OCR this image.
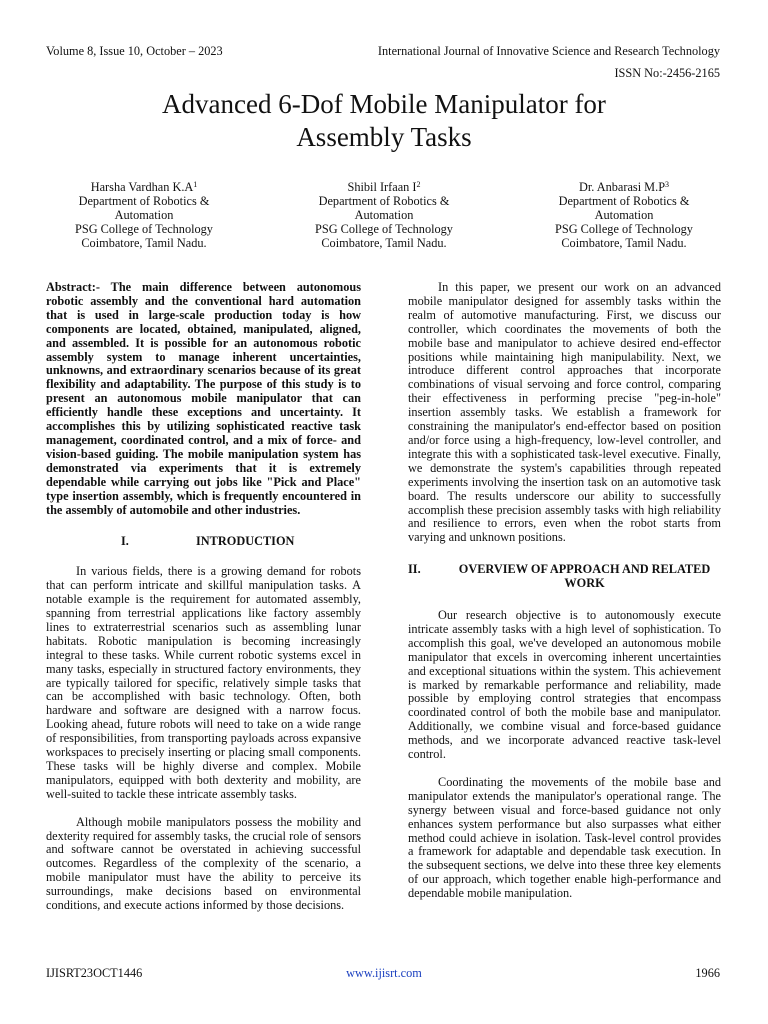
Volume 8, Issue 10, October – 2023	International Journal of Innovative Science and Research Technology
ISSN No:-2456-2165
Advanced 6-Dof Mobile Manipulator for
Assembly Tasks
Harsha Vardhan $K.A^1$
Department of Robotics &
Automation
PSG College of Technology
Coimbatore, Tamil Nadu.
Shibil Irfaan $I^2$
Department of Robotics &
Automation
PSG College of Technology
Coimbatore, Tamil Nadu.
Dr. Anbarasi $M.P^3$
Department of Robotics &
Automation
PSG College of Technology
Coimbatore, Tamil Nadu.

Abstract:- The main difference between autonomous robotic assembly and the conventional hard automation that is used in large-scale production today is how components are located, obtained, manipulated, aligned, and assembled. It is possible for an autonomous robotic assembly system to manage inherent uncertainties, unknowns, and extraordinary scenarios because of its great flexibility and adaptability. The purpose of this study is to present an autonomous mobile manipulator that can efficiently handle these exceptions and uncertainty. It accomplishes this by utilizing sophisticated reactive task management, coordinated control, and a mix of force- and vision-based guiding. The mobile manipulation system has demonstrated via experiments that it is extremely dependable while carrying out jobs like "Pick and Place" type insertion assembly, which is frequently encountered in the assembly of automobile and other industries.

I.	INTRODUCTION

In various fields, there is a growing demand for robots that can perform intricate and skillful manipulation tasks. A notable example is the requirement for automated assembly, spanning from terrestrial applications like factory assembly lines to extraterrestrial scenarios such as assembling lunar habitats. Robotic manipulation is becoming increasingly integral to these tasks. While current robotic systems excel in many tasks, especially in structured factory environments, they are typically tailored for specific, relatively simple tasks that can be accomplished with basic technology. Often, both hardware and software are designed with a narrow focus. Looking ahead, future robots will need to take on a wide range of responsibilities, from transporting payloads across expansive workspaces to precisely inserting or placing small components. These tasks will be highly diverse and complex. Mobile manipulators, equipped with both dexterity and mobility, are well-suited to tackle these intricate assembly tasks.

Although mobile manipulators possess the mobility and dexterity required for assembly tasks, the crucial role of sensors and software cannot be overstated in achieving successful outcomes. Regardless of the complexity of the scenario, a mobile manipulator must have the ability to perceive its surroundings, make decisions based on environmental conditions, and execute actions informed by those decisions.

In this paper, we present our work on an advanced mobile manipulator designed for assembly tasks within the realm of automotive manufacturing. First, we discuss our controller, which coordinates the movements of both the mobile base and manipulator to achieve desired end-effector positions while maintaining high manipulability. Next, we introduce different control approaches that incorporate combinations of visual servoing and force control, comparing their effectiveness in performing precise "peg-in-hole" insertion assembly tasks. We establish a framework for constraining the manipulator's end-effector based on position and/or force using a high-frequency, low-level controller, and integrate this with a sophisticated task-level executive. Finally, we demonstrate the system's capabilities through repeated experiments involving the insertion task on an automotive task board. The results underscore our ability to successfully accomplish these precision assembly tasks with high reliability and resilience to errors, even when the robot starts from varying and unknown positions.

II.	OVERVIEW OF APPROACH AND RELATED WORK

Our research objective is to autonomously execute intricate assembly tasks with a high level of sophistication. To accomplish this goal, we've developed an autonomous mobile manipulator that excels in overcoming inherent uncertainties and exceptional situations within the system. This achievement is marked by remarkable performance and reliability, made possible by employing control strategies that encompass coordinated control of both the mobile base and manipulator. Additionally, we combine visual and force-based guidance methods, and we incorporate advanced reactive task-level control.

Coordinating the movements of the mobile base and manipulator extends the manipulator's operational range. The synergy between visual and force-based guidance not only enhances system performance but also surpasses what either method could achieve in isolation. Task-level control provides a framework for adaptable and dependable task execution. In the subsequent sections, we delve into these three key elements of our approach, which together enable high-performance and dependable mobile manipulation.

IJISRT23OCT1446	www.ijisrt.com	1966
